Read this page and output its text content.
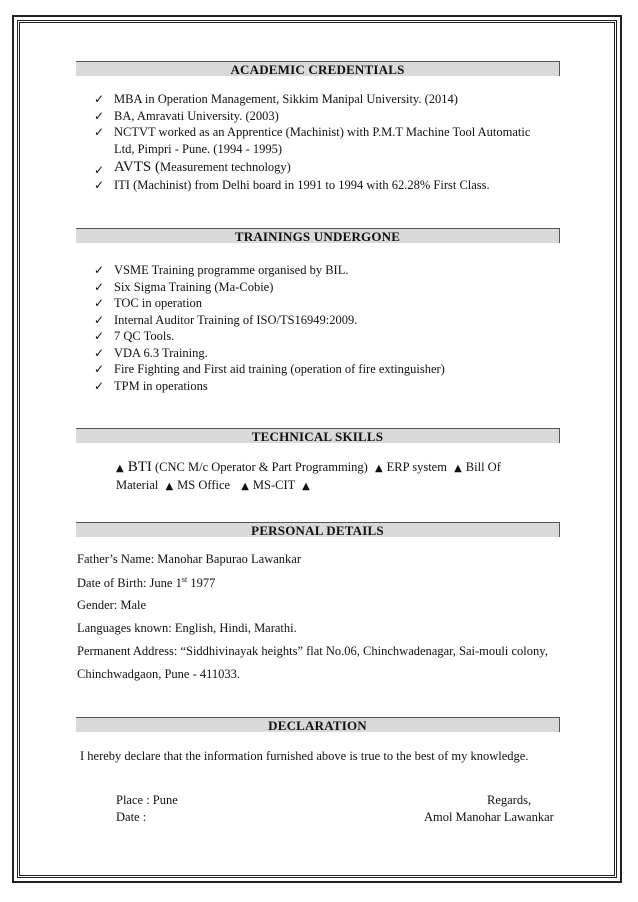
ACADEMIC CREDENTIALS
✓ MBA in Operation Management, Sikkim Manipal University. (2014)
✓ BA, Amravati University. (2003)
✓ NCTVT worked as an Apprentice (Machinist) with P.M.T Machine Tool Automatic
Ltd, Pimpri - Pune. (1994 - 1995)
✓ AVTS (Measurement technology)
✓ ITI (Machinist) from Delhi board in 1991 to 1994 with 62.28% First Class.
TRAININGS UNDERGONE
✓ VSME Training programme organised by BIL.
✓ Six Sigma Training (Ma-Cobie)
✓ TOC in operation
✓ Internal Auditor Training of ISO/TS16949:2009.
✓ 7 QC Tools.
✓ VDA 6.3 Training.
✓ Fire Fighting and First aid training (operation of fire extinguisher)
✓ TPM in operations
TECHNICAL SKILLS
▲ BTI (CNC M/c Operator & Part Programming) ▲ ERP system ▲ Bill Of
Material ▲ MS Office ▲ MS-CIT ▲
PERSONAL DETAILS
Father’s Name: Manohar Bapurao Lawankar
Date of Birth: June 1st 1977
Gender: Male
Languages known: English, Hindi, Marathi.
Permanent Address: “Siddhivinayak heights” flat No.06, Chinchwadenagar, Sai-mouli colony,
Chinchwadgaon, Pune - 411033.
DECLARATION
I hereby declare that the information furnished above is true to the best of my knowledge.
Place : Pune
Date :
Regards,
Amol Manohar Lawankar
